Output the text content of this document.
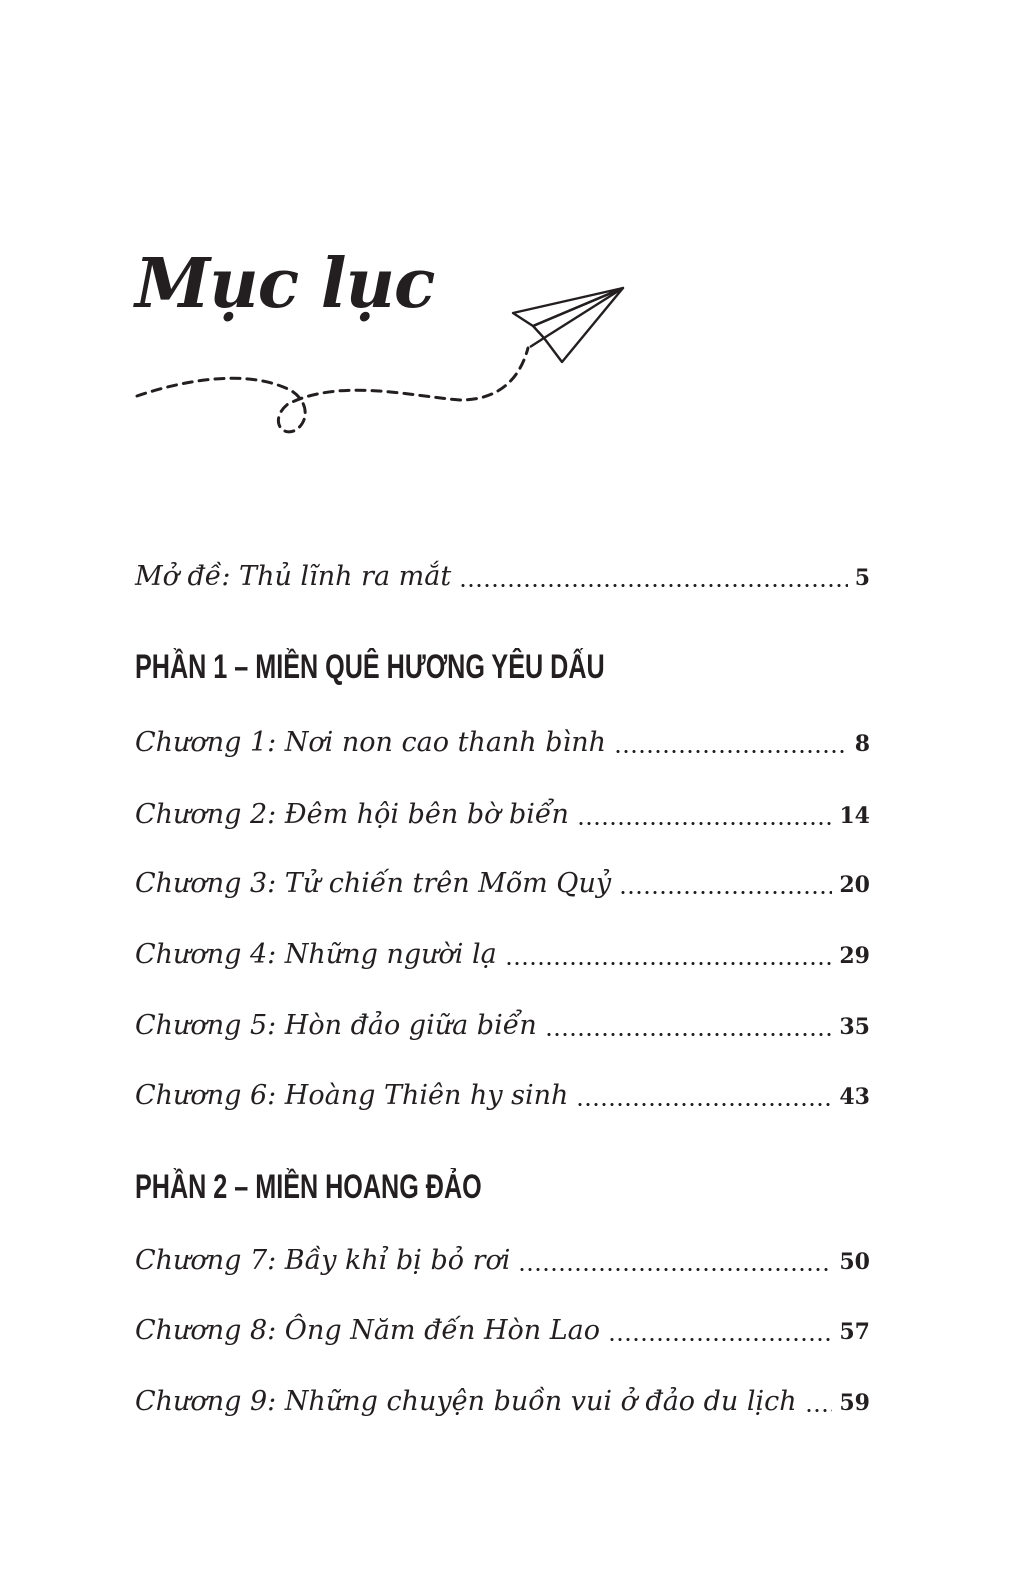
Mục lục
Mở đề: Thủ lĩnh ra mắt	5
PHẦN 1 – MIỀN QUÊ HƯƠNG YÊU DẤU
Chương 1: Nơi non cao thanh bình	8
Chương 2: Đêm hội bên bờ biển	14
Chương 3: Tử chiến trên Mõm Quỷ	20
Chương 4: Những người lạ	29
Chương 5: Hòn đảo giữa biển	35
Chương 6: Hoàng Thiên hy sinh	43
PHẦN 2 – MIỀN HOANG ĐẢO
Chương 7: Bầy khỉ bị bỏ rơi	50
Chương 8: Ông Năm đến Hòn Lao	57
Chương 9: Những chuyện buồn vui ở đảo du lịch 59
